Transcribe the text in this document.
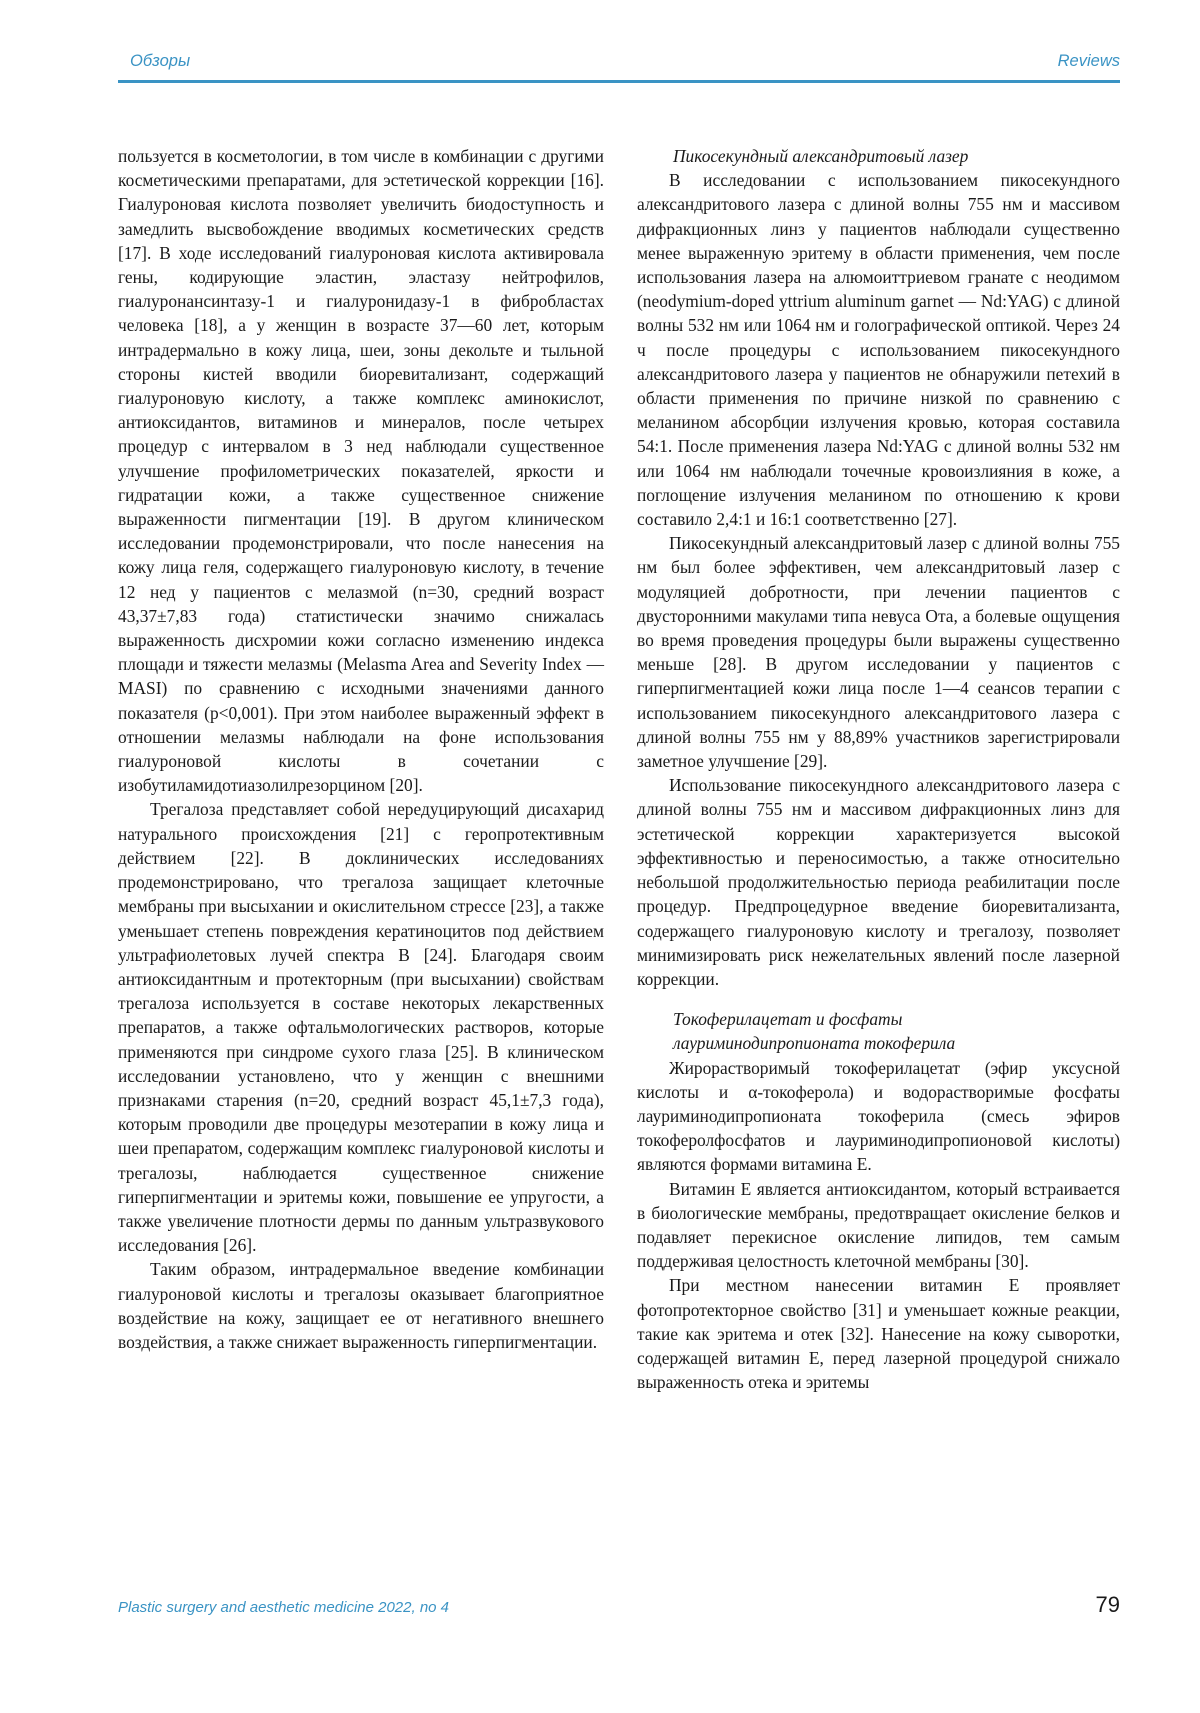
Обзоры	Reviews

пользуется в косметологии, в том числе в комбинации с другими косметическими препаратами, для эстетической коррекции [16]. Гиалуроновая кислота позволяет увеличить биодоступность и замедлить высвобождение вводимых косметических средств [17]. В ходе исследований гиалуроновая кислота активировала гены, кодирующие эластин, эластазу нейтрофилов, гиалуронансинтазу-1 и гиалуронидазу-1 в фибробластах человека [18], а у женщин в возрасте 37—60 лет, которым интрадермально в кожу лица, шеи, зоны декольте и тыльной стороны кистей вводили биоревитализант, содержащий гиалуроновую кислоту, а также комплекс аминокислот, антиоксидантов, витаминов и минералов, после четырех процедур с интервалом в 3 нед наблюдали существенное улучшение профилометрических показателей, яркости и гидратации кожи, а также существенное снижение выраженности пигментации [19]. В другом клиническом исследовании продемонстрировали, что после нанесения на кожу лица геля, содержащего гиалуроновую кислоту, в течение 12 нед у пациентов с мелазмой (n=30, средний возраст 43,37±7,83 года) статистически значимо снижалась выраженность дисхромии кожи согласно изменению индекса площади и тяжести мелазмы (Melasma Area and Severity Index — MASI) по сравнению с исходными значениями данного показателя (p<0,001). При этом наиболее выраженный эффект в отношении мелазмы наблюдали на фоне использования гиалуроновой кислоты в сочетании с изобутиламидотиазолилрезорцином [20].

Трегалоза представляет собой нередуцирующий дисахарид натурального происхождения [21] с геропротективным действием [22]. В доклинических исследованиях продемонстрировано, что трегалоза защищает клеточные мембраны при высыхании и окислительном стрессе [23], а также уменьшает степень повреждения кератиноцитов под действием ультрафиолетовых лучей спектра B [24]. Благодаря своим антиоксидантным и протекторным (при высыхании) свойствам трегалоза используется в составе некоторых лекарственных препаратов, а также офтальмологических растворов, которые применяются при синдроме сухого глаза [25]. В клиническом исследовании установлено, что у женщин с внешними признаками старения (n=20, средний возраст 45,1±7,3 года), которым проводили две процедуры мезотерапии в кожу лица и шеи препаратом, содержащим комплекс гиалуроновой кислоты и трегалозы, наблюдается существенное снижение гиперпигментации и эритемы кожи, повышение ее упругости, а также увеличение плотности дермы по данным ультразвукового исследования [26].

Таким образом, интрадермальное введение комбинации гиалуроновой кислоты и трегалозы оказывает благоприятное воздействие на кожу, защищает ее от негативного внешнего воздействия, а также снижает выраженность гиперпигментации.

Пикосекундный александритовый лазер

В исследовании с использованием пикосекундного александритового лазера с длиной волны 755 нм и массивом дифракционных линз у пациентов наблюдали существенно менее выраженную эритему в области применения, чем после использования лазера на алюмоиттриевом гранате с неодимом (neodymium-doped yttrium aluminum garnet — Nd:YAG) с длиной волны 532 нм или 1064 нм и голографической оптикой. Через 24 ч после процедуры с использованием пикосекундного александритового лазера у пациентов не обнаружили петехий в области применения по причине низкой по сравнению с меланином абсорбции излучения кровью, которая составила 54:1. После применения лазера Nd:YAG с длиной волны 532 нм или 1064 нм наблюдали точечные кровоизлияния в коже, а поглощение излучения меланином по отношению к крови составило 2,4:1 и 16:1 соответственно [27].

Пикосекундный александритовый лазер с длиной волны 755 нм был более эффективен, чем александритовый лазер с модуляцией добротности, при лечении пациентов с двусторонними макулами типа невуса Ота, а болевые ощущения во время проведения процедуры были выражены существенно меньше [28]. В другом исследовании у пациентов с гиперпигментацией кожи лица после 1—4 сеансов терапии с использованием пикосекундного александритового лазера с длиной волны 755 нм у 88,89% участников зарегистрировали заметное улучшение [29].

Использование пикосекундного александритового лазера с длиной волны 755 нм и массивом дифракционных линз для эстетической коррекции характеризуется высокой эффективностью и переносимостью, а также относительно небольшой продолжительностью периода реабилитации после процедур. Предпроцедурное введение биоревитализанта, содержащего гиалуроновую кислоту и трегалозу, позволяет минимизировать риск нежелательных явлений после лазерной коррекции.

Токоферилацетат и фосфаты
лауриминодипропионата токоферила

Жирорастворимый токоферилацетат (эфир уксусной кислоты и α-токоферола) и водорастворимые фосфаты лауриминодипропионата токоферила (смесь эфиров токоферолфосфатов и лауриминодипропионовой кислоты) являются формами витамина Е.

Витамин Е является антиоксидантом, который встраивается в биологические мембраны, предотвращает окисление белков и подавляет перекисное окисление липидов, тем самым поддерживая целостность клеточной мембраны [30].

При местном нанесении витамин Е проявляет фотопротекторное свойство [31] и уменьшает кожные реакции, такие как эритема и отек [32]. Нанесение на кожу сыворотки, содержащей витамин Е, перед лазерной процедурой снижало выраженность отека и эритемы

Plastic surgery and aesthetic medicine 2022, no 4	79
